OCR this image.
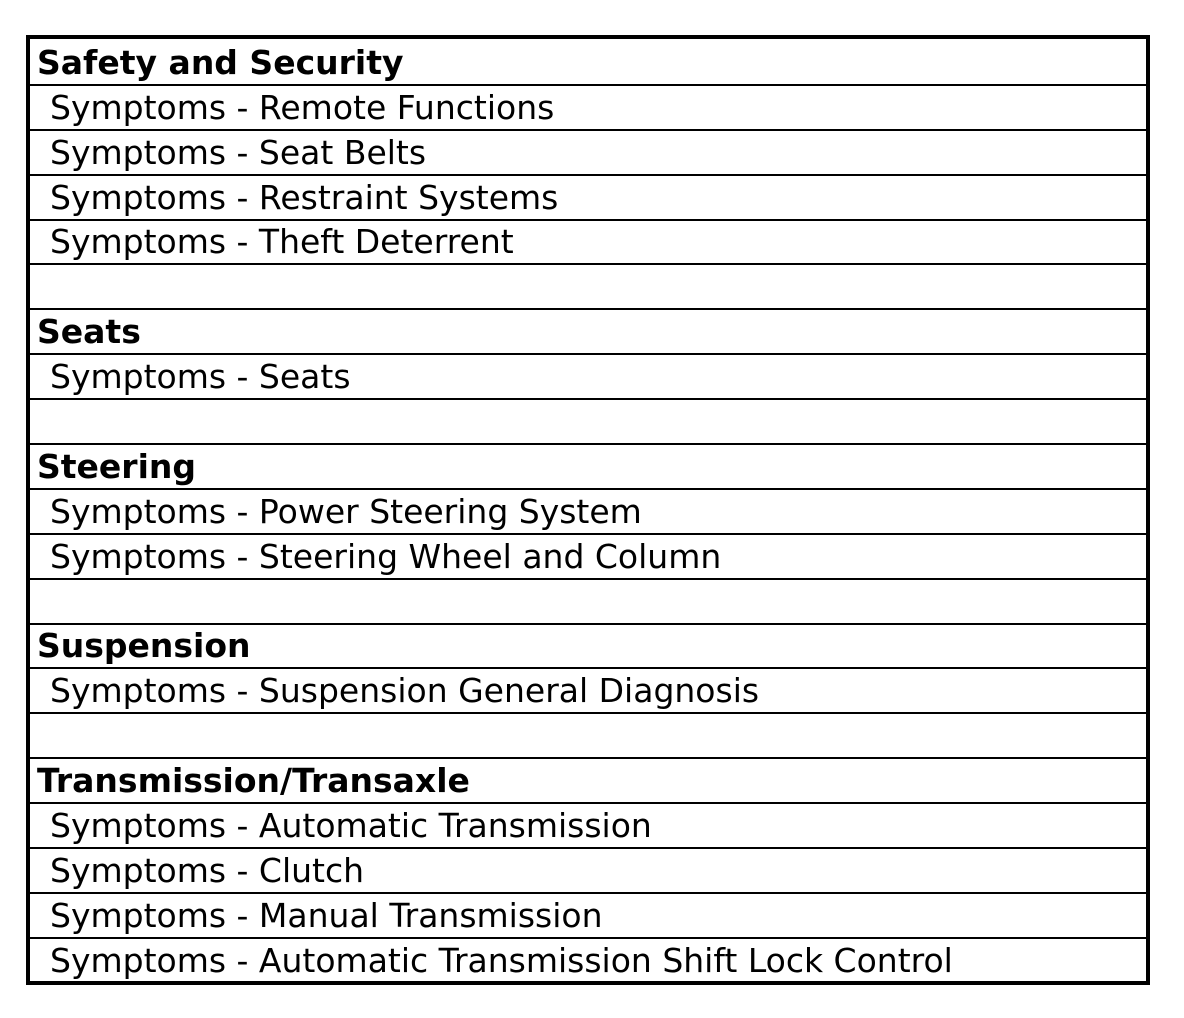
Safety and Security
Symptoms - Remote Functions
Symptoms - Seat Belts
Symptoms - Restraint Systems
Symptoms - Theft Deterrent
Seats
Symptoms - Seats
Steering
Symptoms - Power Steering System
Symptoms - Steering Wheel and Column
Suspension
Symptoms - Suspension General Diagnosis
Transmission/Transaxle
Symptoms - Automatic Transmission
Symptoms - Clutch
Symptoms - Manual Transmission
Symptoms - Automatic Transmission Shift Lock Control
